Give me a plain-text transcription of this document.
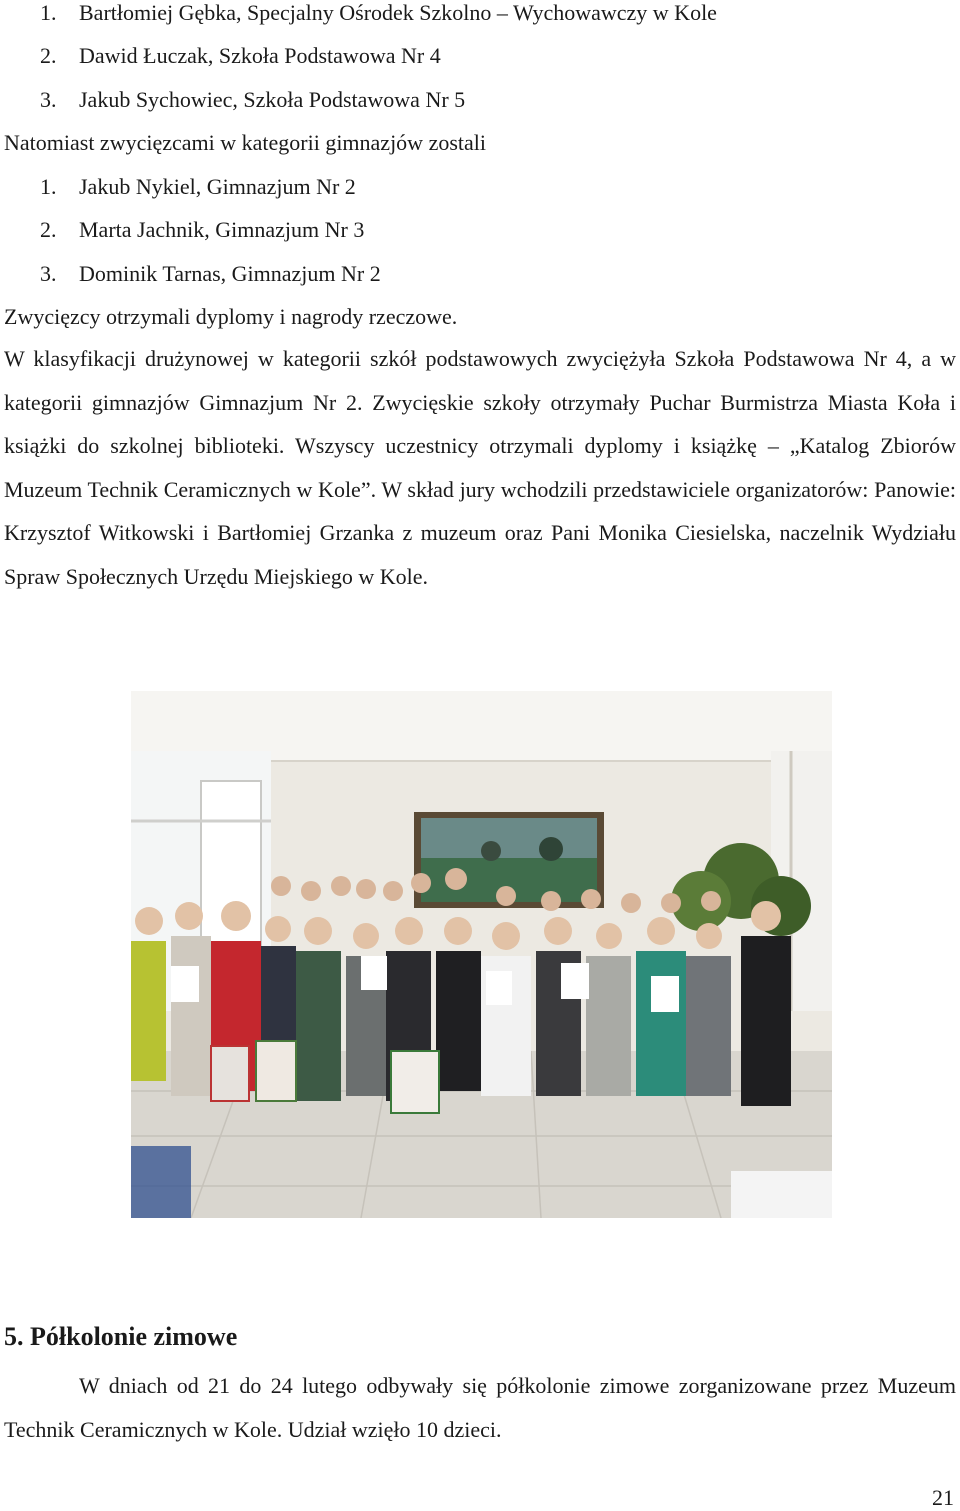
1. Bartłomiej Gębka, Specjalny Ośrodek Szkolno – Wychowawczy w Kole
2. Dawid Łuczak, Szkoła Podstawowa Nr 4
3. Jakub Sychowiec, Szkoła Podstawowa Nr 5
Natomiast zwycięzcami w kategorii gimnazjów zostali
1. Jakub Nykiel, Gimnazjum Nr 2
2. Marta Jachnik, Gimnazjum Nr 3
3. Dominik Tarnas, Gimnazjum Nr 2
Zwycięzcy otrzymali dyplomy i nagrody rzeczowe.
W klasyfikacji drużynowej w kategorii szkół podstawowych zwyciężyła Szkoła Podstawowa Nr 4, a w kategorii gimnazjów Gimnazjum Nr 2. Zwycięskie szkoły otrzymały Puchar Burmistrza Miasta Koła i książki do szkolnej biblioteki. Wszyscy uczestnicy otrzymali dyplomy i książkę – „Katalog Zbiorów Muzeum Technik Ceramicznych w Kole”. W skład jury wchodzili przedstawiciele organizatorów: Panowie: Krzysztof Witkowski i Bartłomiej Grzanka z muzeum oraz Pani Monika Ciesielska, naczelnik Wydziału Spraw Społecznych Urzędu Miejskiego w Kole.
5. Półkolonie zimowe
W dniach od 21 do 24 lutego odbywały się półkolonie zimowe zorganizowane przez Muzeum Technik Ceramicznych w Kole. Udział wzięło 10 dzieci.
21
